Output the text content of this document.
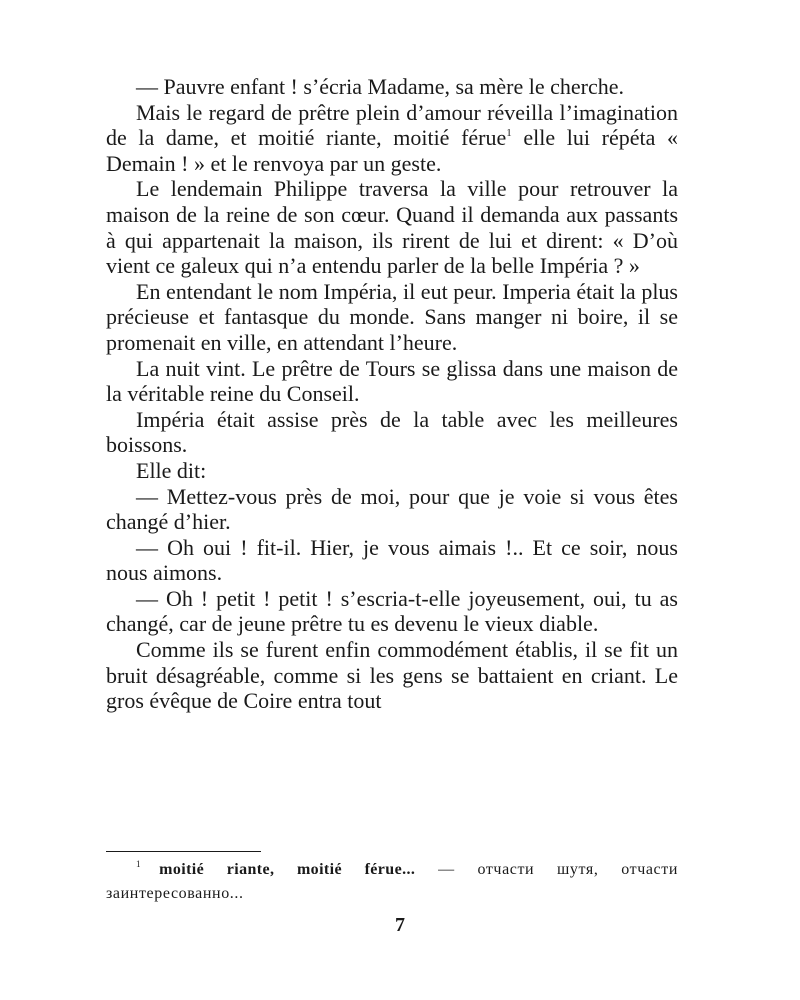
— Pauvre enfant ! s’écria Madame, sa mère le cherche.

Mais le regard de prêtre plein d’amour réveilla l’imagination de la dame, et moitié riante, moitié férue$^1$ elle lui répéta « Demain ! » et le renvoya par un geste.

Le lendemain Philippe traversa la ville pour retrouver la maison de la reine de son cœur. Quand il demanda aux passants à qui appartenait la maison, ils rirent de lui et dirent: « D’où vient ce galeux qui n’a entendu parler de la belle Impéria ? »

En entendant le nom Impéria, il eut peur. Imperia était la plus précieuse et fantasque du monde. Sans manger ni boire, il se promenait en ville, en attendant l’heure.

La nuit vint. Le prêtre de Tours se glissa dans une maison de la véritable reine du Conseil.

Impéria était assise près de la table avec les meilleures boissons.

Elle dit:

— Mettez-vous près de moi, pour que je voie si vous êtes changé d’hier.

— Oh oui ! fit-il. Hier, je vous aimais !.. Et ce soir, nous nous aimons.

— Oh ! petit ! petit ! s’escria-t-elle joyeusement, oui, tu as changé, car de jeune prêtre tu es devenu le vieux diable.

Comme ils se furent enfin commodément établis, il se fit un bruit désagréable, comme si les gens se battaient en criant. Le gros évêque de Coire entra tout

$^1$ moitié riante, moitié férue... — отчасти шутя, отчасти заинтересованно...

7
